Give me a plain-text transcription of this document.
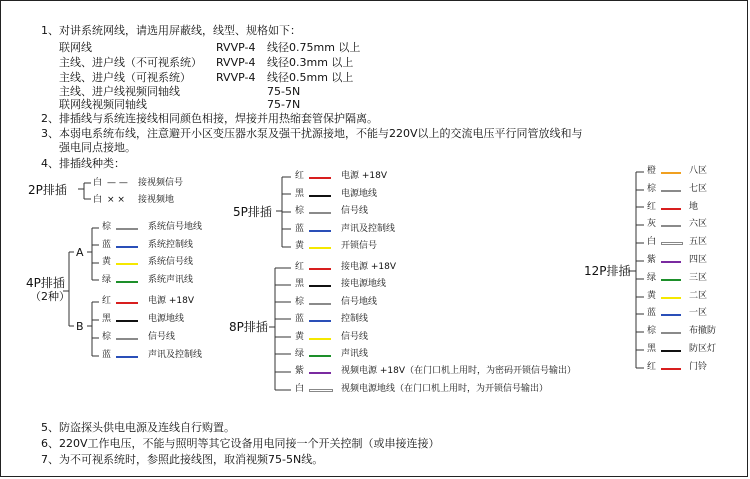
1、对讲系统网线，请选用屏蔽线，线型、规格如下：
联网线	RVVP-4 线径0.75mm 以上
主线、进户线（不可视系统） RVVP-4 线径0.3mm 以上
主线、进户线（可视系统） RVVP-4 线径0.5mm 以上
主线、进户线视频同轴线	75-5N
联网线视频同轴线	75-7N
2、排插线与系统连接线相同颜色相接，焊接并用热缩套管保护隔离。
3、本弱电系统布线，注意避开小区变压器水泵及强干扰源接地，不能与220V以上的交流电压平行同管放线和与
强电同点接地。
4、排插线种类：
2P排插	白 — — 接视频信号
白 × × 接视频地
4P排插
（2种）
A
B
棕	系统信号地线
蓝	系统控制线
黄	系统信号线
绿	系统声讯线
红	电源 +18V
黑	电源地线
棕	信号线
蓝	声讯及控制线
5P排插
红	电源 +18V
黑	电源地线
棕	信号线
蓝	声讯及控制线
黄	开锁信号
8P排插
红	接电源 +18V
黑	接电源地线
棕	信号地线
蓝	控制线
黄	信号线
绿	声讯线
紫	视频电源 +18V（在门口机上用时，为密码开锁信号输出）
白	视频电源地线（在门口机上用时，为开锁信号输出）
12P排插
橙	八区
棕	七区
红	地
灰	六区
白	五区
紫	四区
绿	三区
黄	二区
蓝	一区
棕	布撤防
黑	防区灯
红	门铃
5、防盗探头供电电源及连线自行购置。
6、220V工作电压，不能与照明等其它设备用电同接一个开关控制（或串接连接）
7、为不可视系统时，参照此接线图，取消视频75-5N线。
